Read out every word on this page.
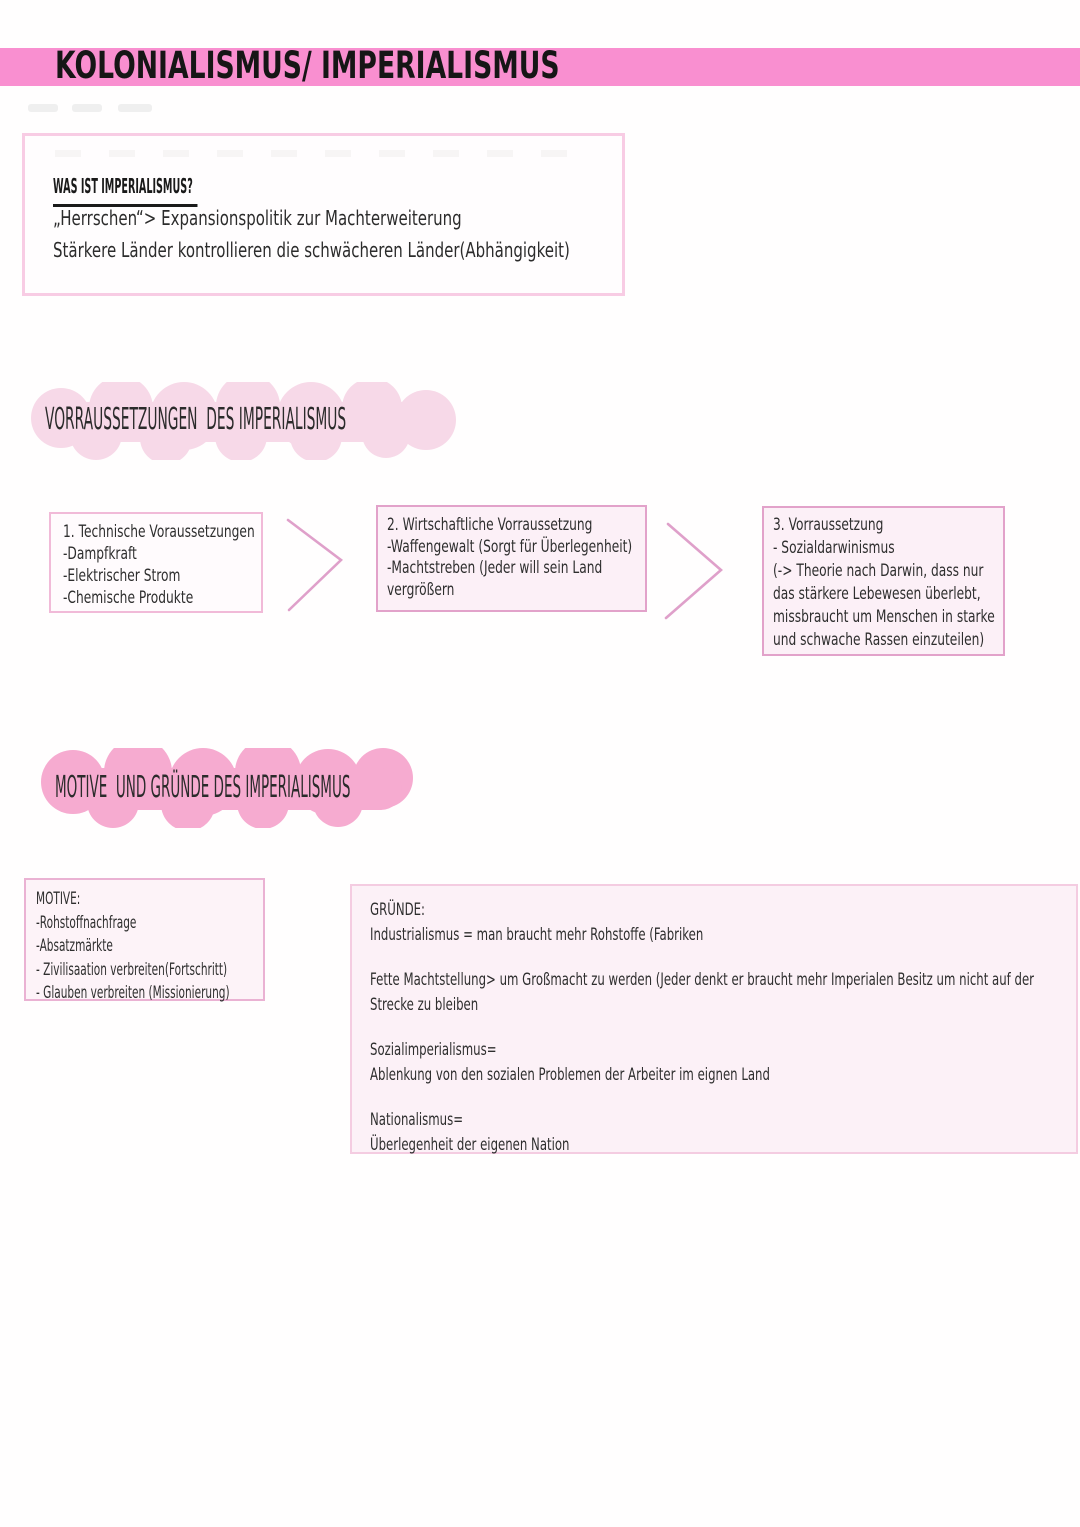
KOLONIALISMUS/ IMPERIALISMUS
WAS IST IMPERIALISMUS?
„Herrschen“> Expansionspolitik zur Machterweiterung
Stärkere Länder kontrollieren die schwächeren Länder(Abhängigkeit)
VORRAUSSETZUNGEN  DES IMPERIALISMUS
1. Technische Voraussetzungen
-Dampfkraft
-Elektrischer Strom
-Chemische Produkte
2. Wirtschaftliche Vorraussetzung
-Waffengewalt (Sorgt für Überlegenheit)
-Machtstreben (Jeder will sein Land
vergrößern
3. Vorraussetzung
- Sozialdarwinismus
(-> Theorie nach Darwin, dass nur
das stärkere Lebewesen überlebt,
missbraucht um Menschen in starke
und schwache Rassen einzuteilen)
MOTIVE  UND GRÜNDE DES IMPERIALISMUS
MOTIVE:
-Rohstoffnachfrage
-Absatzmärkte
- Zivilisaation verbreiten(Fortschritt)
- Glauben verbreiten (Missionierung)
GRÜNDE:
Industrialismus = man braucht mehr Rohstoffe (Fabriken
Fette Machtstellung> um Großmacht zu werden (Jeder denkt er braucht mehr Imperialen Besitz um nicht auf der
Strecke zu bleiben
Sozialimperialismus=
Ablenkung von den sozialen Problemen der Arbeiter im eignen Land
Nationalismus=
Überlegenheit der eigenen Nation
